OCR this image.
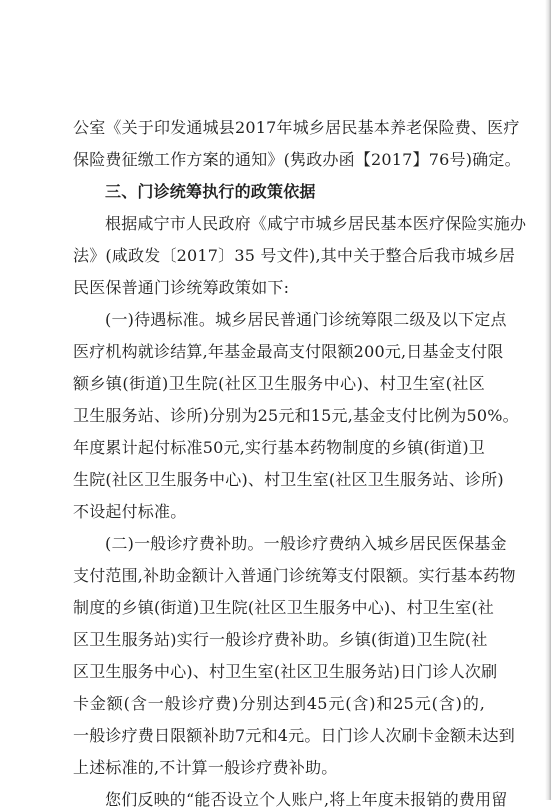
公室《关于印发通城县2017年城乡居民基本养老保险费、医疗

保险费征缴工作方案的通知》(隽政办函【2017】76号)确定。

三、门诊统筹执行的政策依据

根据咸宁市人民政府《咸宁市城乡居民基本医疗保险实施办

法》(咸政发〔2017〕35 号文件),其中关于整合后我市城乡居

民医保普通门诊统筹政策如下:

(一)待遇标准。城乡居民普通门诊统筹限二级及以下定点

医疗机构就诊结算,年基金最高支付限额200元,日基金支付限

额乡镇(街道)卫生院(社区卫生服务中心)、村卫生室(社区

卫生服务站、诊所)分别为25元和15元,基金支付比例为50%。

年度累计起付标准50元,实行基本药物制度的乡镇(街道)卫

生院(社区卫生服务中心)、村卫生室(社区卫生服务站、诊所)

不设起付标准。

(二)一般诊疗费补助。一般诊疗费纳入城乡居民医保基金

支付范围,补助金额计入普通门诊统筹支付限额。实行基本药物

制度的乡镇(街道)卫生院(社区卫生服务中心)、村卫生室(社

区卫生服务站)实行一般诊疗费补助。乡镇(街道)卫生院(社

区卫生服务中心)、村卫生室(社区卫生服务站)日门诊人次刷

卡金额(含一般诊疗费)分别达到45元(含)和25元(含)的,

一般诊疗费日限额补助7元和4元。日门诊人次刷卡金额未达到

上述标准的,不计算一般诊疗费补助。

您们反映的“能否设立个人账户,将上年度未报销的费用留
